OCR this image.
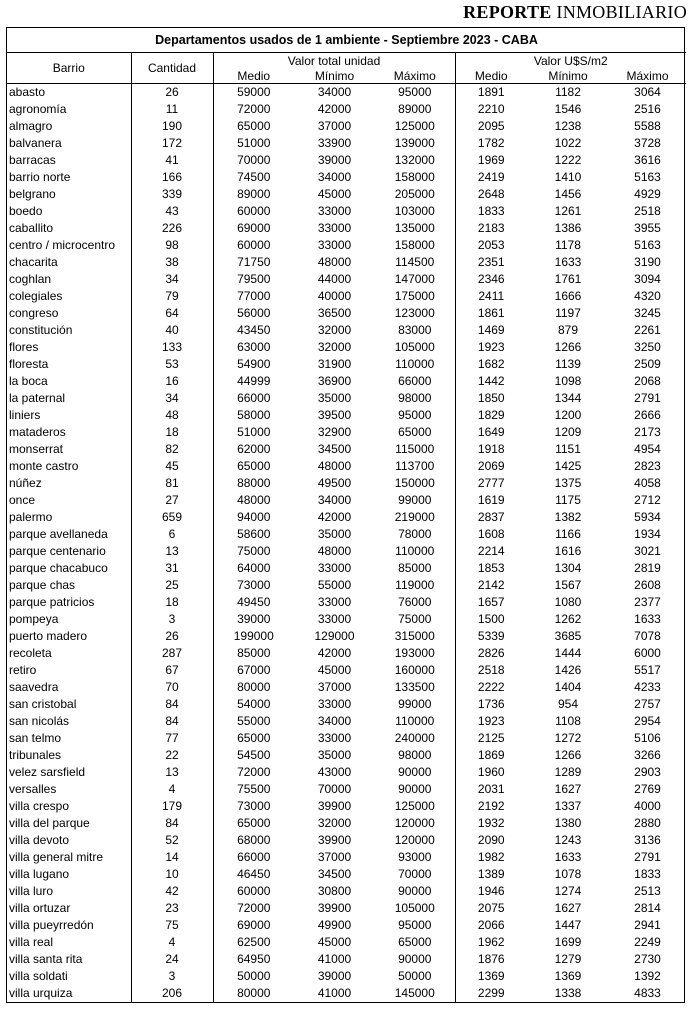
REPORTE INMOBILIARIO
Departamentos usados de 1 ambiente - Septiembre 2023 - CABA							
Barrio	Cantidad	Valor total unidad			Valor U$S/m2		
		Medio	Mínimo	Máximo	Medio	Mínimo	Máximo
abasto	26	59000	34000	95000	1891	1182	3064
agronomía	11	72000	42000	89000	2210	1546	2516
almagro	190	65000	37000	125000	2095	1238	5588
balvanera	172	51000	33900	139000	1782	1022	3728
barracas	41	70000	39000	132000	1969	1222	3616
barrio norte	166	74500	34000	158000	2419	1410	5163
belgrano	339	89000	45000	205000	2648	1456	4929
boedo	43	60000	33000	103000	1833	1261	2518
caballito	226	69000	33000	135000	2183	1386	3955
centro / microcentro	98	60000	33000	158000	2053	1178	5163
chacarita	38	71750	48000	114500	2351	1633	3190
coghlan	34	79500	44000	147000	2346	1761	3094
colegiales	79	77000	40000	175000	2411	1666	4320
congreso	64	56000	36500	123000	1861	1197	3245
constitución	40	43450	32000	83000	1469	879	2261
flores	133	63000	32000	105000	1923	1266	3250
floresta	53	54900	31900	110000	1682	1139	2509
la boca	16	44999	36900	66000	1442	1098	2068
la paternal	34	66000	35000	98000	1850	1344	2791
liniers	48	58000	39500	95000	1829	1200	2666
mataderos	18	51000	32900	65000	1649	1209	2173
monserrat	82	62000	34500	115000	1918	1151	4954
monte castro	45	65000	48000	113700	2069	1425	2823
núñez	81	88000	49500	150000	2777	1375	4058
once	27	48000	34000	99000	1619	1175	2712
palermo	659	94000	42000	219000	2837	1382	5934
parque avellaneda	6	58600	35000	78000	1608	1166	1934
parque centenario	13	75000	48000	110000	2214	1616	3021
parque chacabuco	31	64000	33000	85000	1853	1304	2819
parque chas	25	73000	55000	119000	2142	1567	2608
parque patricios	18	49450	33000	76000	1657	1080	2377
pompeya	3	39000	33000	75000	1500	1262	1633
puerto madero	26	199000	129000	315000	5339	3685	7078
recoleta	287	85000	42000	193000	2826	1444	6000
retiro	67	67000	45000	160000	2518	1426	5517
saavedra	70	80000	37000	133500	2222	1404	4233
san cristobal	84	54000	33000	99000	1736	954	2757
san nicolás	84	55000	34000	110000	1923	1108	2954
san telmo	77	65000	33000	240000	2125	1272	5106
tribunales	22	54500	35000	98000	1869	1266	3266
velez sarsfield	13	72000	43000	90000	1960	1289	2903
versalles	4	75500	70000	90000	2031	1627	2769
villa crespo	179	73000	39900	125000	2192	1337	4000
villa del parque	84	65000	32000	120000	1932	1380	2880
villa devoto	52	68000	39900	120000	2090	1243	3136
villa general mitre	14	66000	37000	93000	1982	1633	2791
villa lugano	10	46450	34500	70000	1389	1078	1833
villa luro	42	60000	30800	90000	1946	1274	2513
villa ortuzar	23	72000	39900	105000	2075	1627	2814
villa pueyrredón	75	69000	49900	95000	2066	1447	2941
villa real	4	62500	45000	65000	1962	1699	2249
villa santa rita	24	64950	41000	90000	1876	1279	2730
villa soldati	3	50000	39000	50000	1369	1369	1392
villa urquiza	206	80000	41000	145000	2299	1338	4833
